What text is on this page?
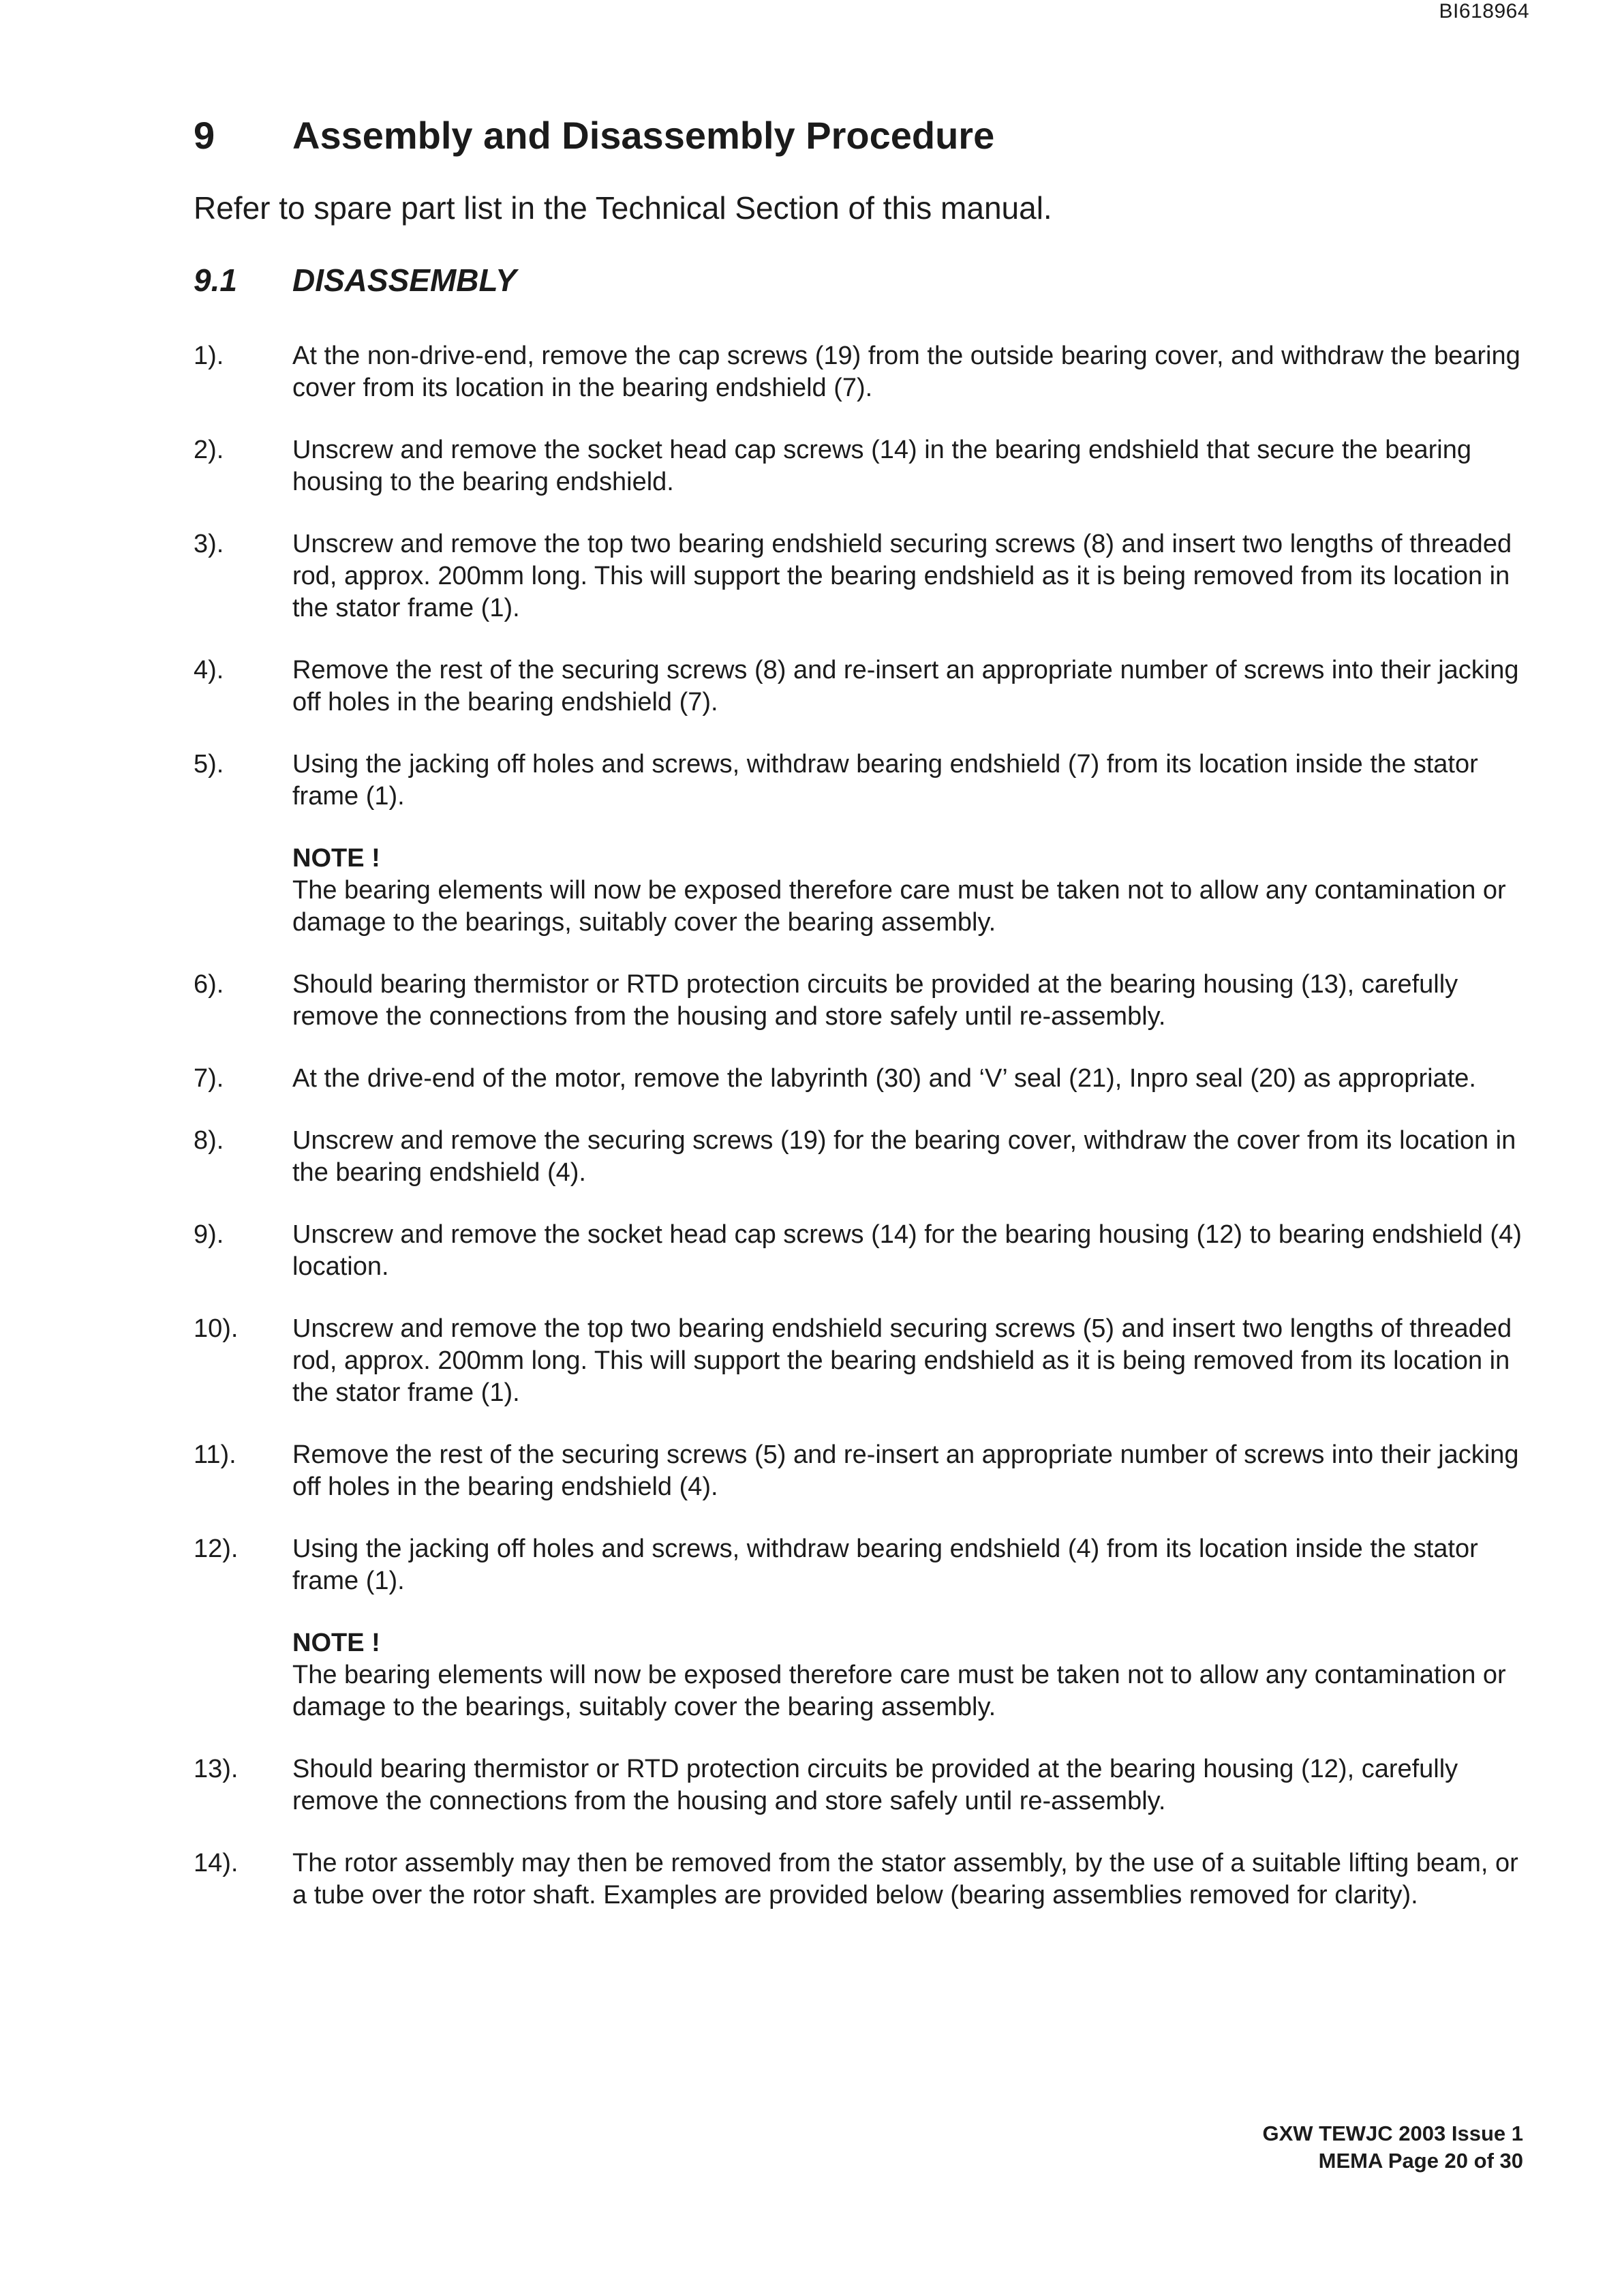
BI618964
9 Assembly and Disassembly Procedure
Refer to spare part list in the Technical Section of this manual.
9.1 DISASSEMBLY
1).	At the non-drive-end, remove the cap screws (19) from the outside bearing cover, and withdraw the bearing cover from its location in the bearing endshield (7).
2).	Unscrew and remove the socket head cap screws (14) in the bearing endshield that secure the bearing housing to the bearing endshield.
3).	Unscrew and remove the top two bearing endshield securing screws (8) and insert two lengths of threaded rod, approx. 200mm long. This will support the bearing endshield as it is being removed from its location in the stator frame (1).
4).	Remove the rest of the securing screws (8) and re-insert an appropriate number of screws into their jacking off holes in the bearing endshield (7).
5).	Using the jacking off holes and screws, withdraw bearing endshield (7) from its location inside the stator frame (1).
NOTE !
The bearing elements will now be exposed therefore care must be taken not to allow any contamination or damage to the bearings, suitably cover the bearing assembly.
6).	Should bearing thermistor or RTD protection circuits be provided at the bearing housing (13), carefully remove the connections from the housing and store safely until re-assembly.
7).	At the drive-end of the motor, remove the labyrinth (30) and ‘V’ seal (21), Inpro seal (20) as appropriate.
8).	Unscrew and remove the securing screws (19) for the bearing cover, withdraw the cover from its location in the bearing endshield (4).
9).	Unscrew and remove the socket head cap screws (14) for the bearing housing (12) to bearing endshield (4) location.
10).	Unscrew and remove the top two bearing endshield securing screws (5) and insert two lengths of threaded rod, approx. 200mm long. This will support the bearing endshield as it is being removed from its location in the stator frame (1).
11).	Remove the rest of the securing screws (5) and re-insert an appropriate number of screws into their jacking off holes in the bearing endshield (4).
12).	Using the jacking off holes and screws, withdraw bearing endshield (4) from its location inside the stator frame (1).
NOTE !
The bearing elements will now be exposed therefore care must be taken not to allow any contamination or damage to the bearings, suitably cover the bearing assembly.
13).	Should bearing thermistor or RTD protection circuits be provided at the bearing housing (12), carefully remove the connections from the housing and store safely until re-assembly.
14).	The rotor assembly may then be removed from the stator assembly, by the use of a suitable lifting beam, or a tube over the rotor shaft. Examples are provided below (bearing assemblies removed for clarity).
GXW TEWJC 2003 Issue 1
MEMA Page 20 of 30
